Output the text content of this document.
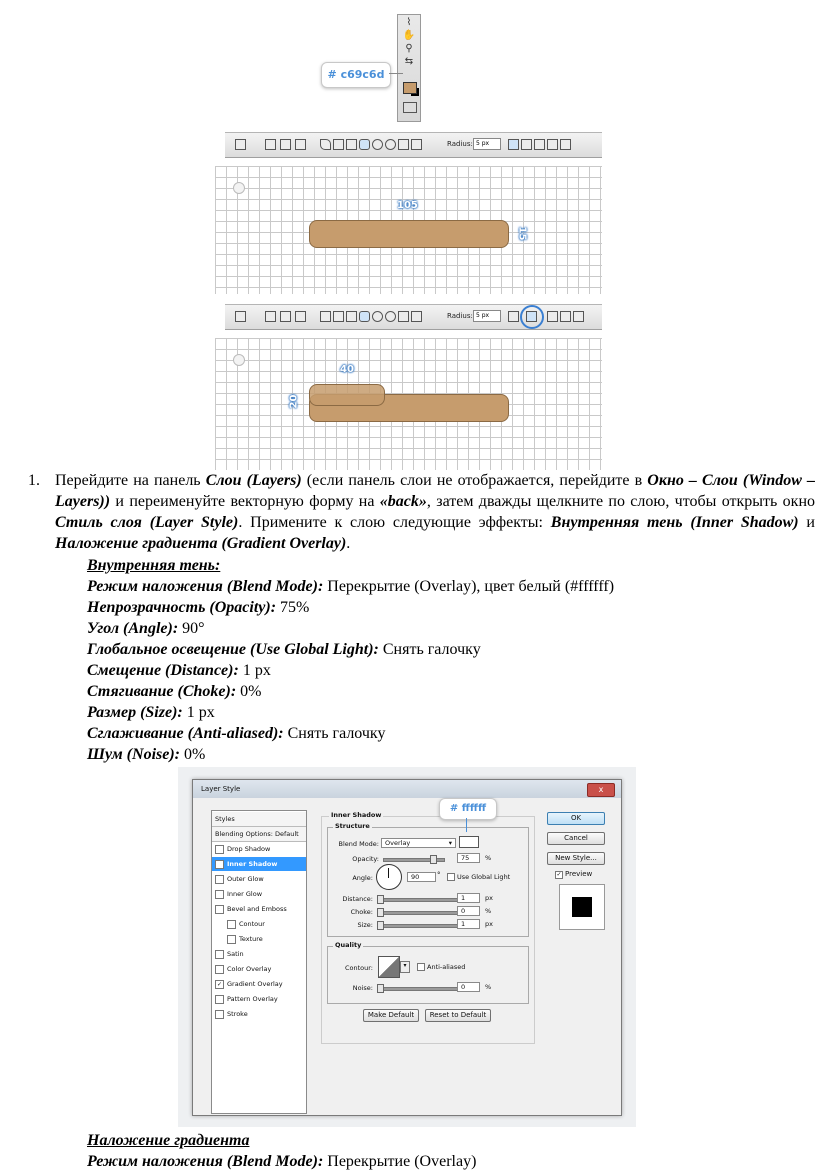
⌇
✋
⚲
⇆
# c69c6d
Radius: 5 px
105
15
Radius: 5 px
40
20
1. Перейдите на панель Слои (Layers) (если панель слои не отображается, перейдите в Окно – Слои (Window – Layers)) и переименуйте векторную форму на «back», затем дважды щелкните по слою, чтобы открыть окно Стиль слоя (Layer Style). Примените к слою следующие эффекты: Внутренняя тень (Inner Shadow) и Наложение градиента (Gradient Overlay).
Внутренняя тень:
Режим наложения (Blend Mode): Перекрытие (Overlay), цвет белый (#ffffff)
Непрозрачность (Opacity): 75%
Угол (Angle): 90°
Глобальное освещение (Use Global Light): Снять галочку
Смещение (Distance): 1 px
Стягивание (Choke): 0%
Размер (Size): 1 px
Сглаживание (Anti-aliased): Снять галочку
Шум (Noise): 0%
Layer Style	x
Styles
Blending Options: Default
Drop Shadow
✓ Inner Shadow
Outer Glow
Inner Glow
Bevel and Emboss
Contour
Texture
Satin
Color Overlay
✓ Gradient Overlay
Pattern Overlay
Stroke
Inner Shadow
Structure
Blend Mode: Overlay	▾
Opacity:	75	%
Angle:	90	°	Use Global Light
Distance:	1	px
Choke:	0	%
Size:	1	px
Quality
Contour:	▾	Anti-aliased
Noise:	0	%
Make Default	Reset to Default
OK
Cancel
New Style...
✓ Preview
# ffffff
Наложение градиента
Режим наложения (Blend Mode): Перекрытие (Overlay)
